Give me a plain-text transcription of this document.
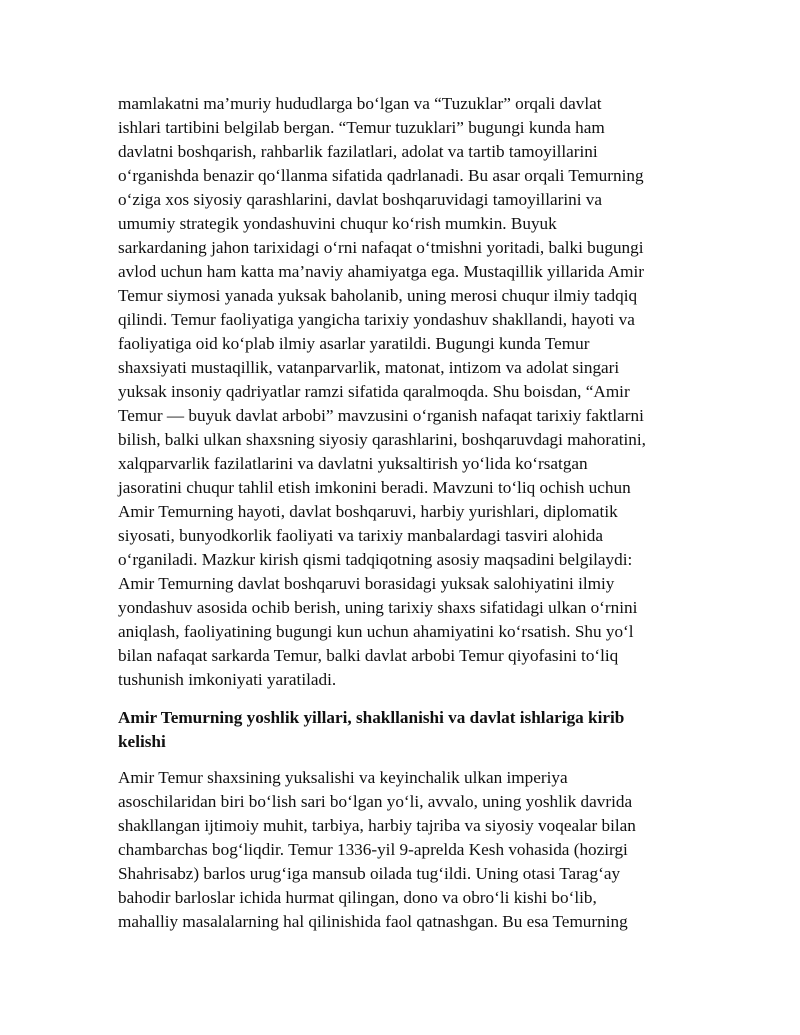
mamlakatni ma’muriy hududlarga bo‘lgan va “Tuzuklar” orqali davlat
ishlari tartibini belgilab bergan. “Temur tuzuklari” bugungi kunda ham
davlatni boshqarish, rahbarlik fazilatlari, adolat va tartib tamoyillarini
o‘rganishda benazir qo‘llanma sifatida qadrlanadi. Bu asar orqali Temurning
o‘ziga xos siyosiy qarashlarini, davlat boshqaruvidagi tamoyillarini va
umumiy strategik yondashuvini chuqur ko‘rish mumkin. Buyuk
sarkardaning jahon tarixidagi o‘rni nafaqat o‘tmishni yoritadi, balki bugungi
avlod uchun ham katta ma’naviy ahamiyatga ega. Mustaqillik yillarida Amir
Temur siymosi yanada yuksak baholanib, uning merosi chuqur ilmiy tadqiq
qilindi. Temur faoliyatiga yangicha tarixiy yondashuv shakllandi, hayoti va
faoliyatiga oid ko‘plab ilmiy asarlar yaratildi. Bugungi kunda Temur
shaxsiyati mustaqillik, vatanparvarlik, matonat, intizom va adolat singari
yuksak insoniy qadriyatlar ramzi sifatida qaralmoqda. Shu boisdan, “Amir
Temur — buyuk davlat arbobi” mavzusini o‘rganish nafaqat tarixiy faktlarni
bilish, balki ulkan shaxsning siyosiy qarashlarini, boshqaruvdagi mahoratini,
xalqparvarlik fazilatlarini va davlatni yuksaltirish yo‘lida ko‘rsatgan
jasoratini chuqur tahlil etish imkonini beradi. Mavzuni to‘liq ochish uchun
Amir Temurning hayoti, davlat boshqaruvi, harbiy yurishlari, diplomatik
siyosati, bunyodkorlik faoliyati va tarixiy manbalardagi tasviri alohida
o‘rganiladi. Mazkur kirish qismi tadqiqotning asosiy maqsadini belgilaydi:
Amir Temurning davlat boshqaruvi borasidagi yuksak salohiyatini ilmiy
yondashuv asosida ochib berish, uning tarixiy shaxs sifatidagi ulkan o‘rnini
aniqlash, faoliyatining bugungi kun uchun ahamiyatini ko‘rsatish. Shu yo‘l
bilan nafaqat sarkarda Temur, balki davlat arbobi Temur qiyofasini to‘liq
tushunish imkoniyati yaratiladi.

Amir Temurning yoshlik yillari, shakllanishi va davlat ishlariga kirib
kelishi

Amir Temur shaxsining yuksalishi va keyinchalik ulkan imperiya
asoschilaridan biri bo‘lish sari bo‘lgan yo‘li, avvalo, uning yoshlik davrida
shakllangan ijtimoiy muhit, tarbiya, harbiy tajriba va siyosiy voqealar bilan
chambarchas bog‘liqdir. Temur 1336-yil 9-aprelda Kesh vohasida (hozirgi
Shahrisabz) barlos urug‘iga mansub oilada tug‘ildi. Uning otasi Tarag‘ay
bahodir barloslar ichida hurmat qilingan, dono va obro‘li kishi bo‘lib,
mahalliy masalalarning hal qilinishida faol qatnashgan. Bu esa Temurning
